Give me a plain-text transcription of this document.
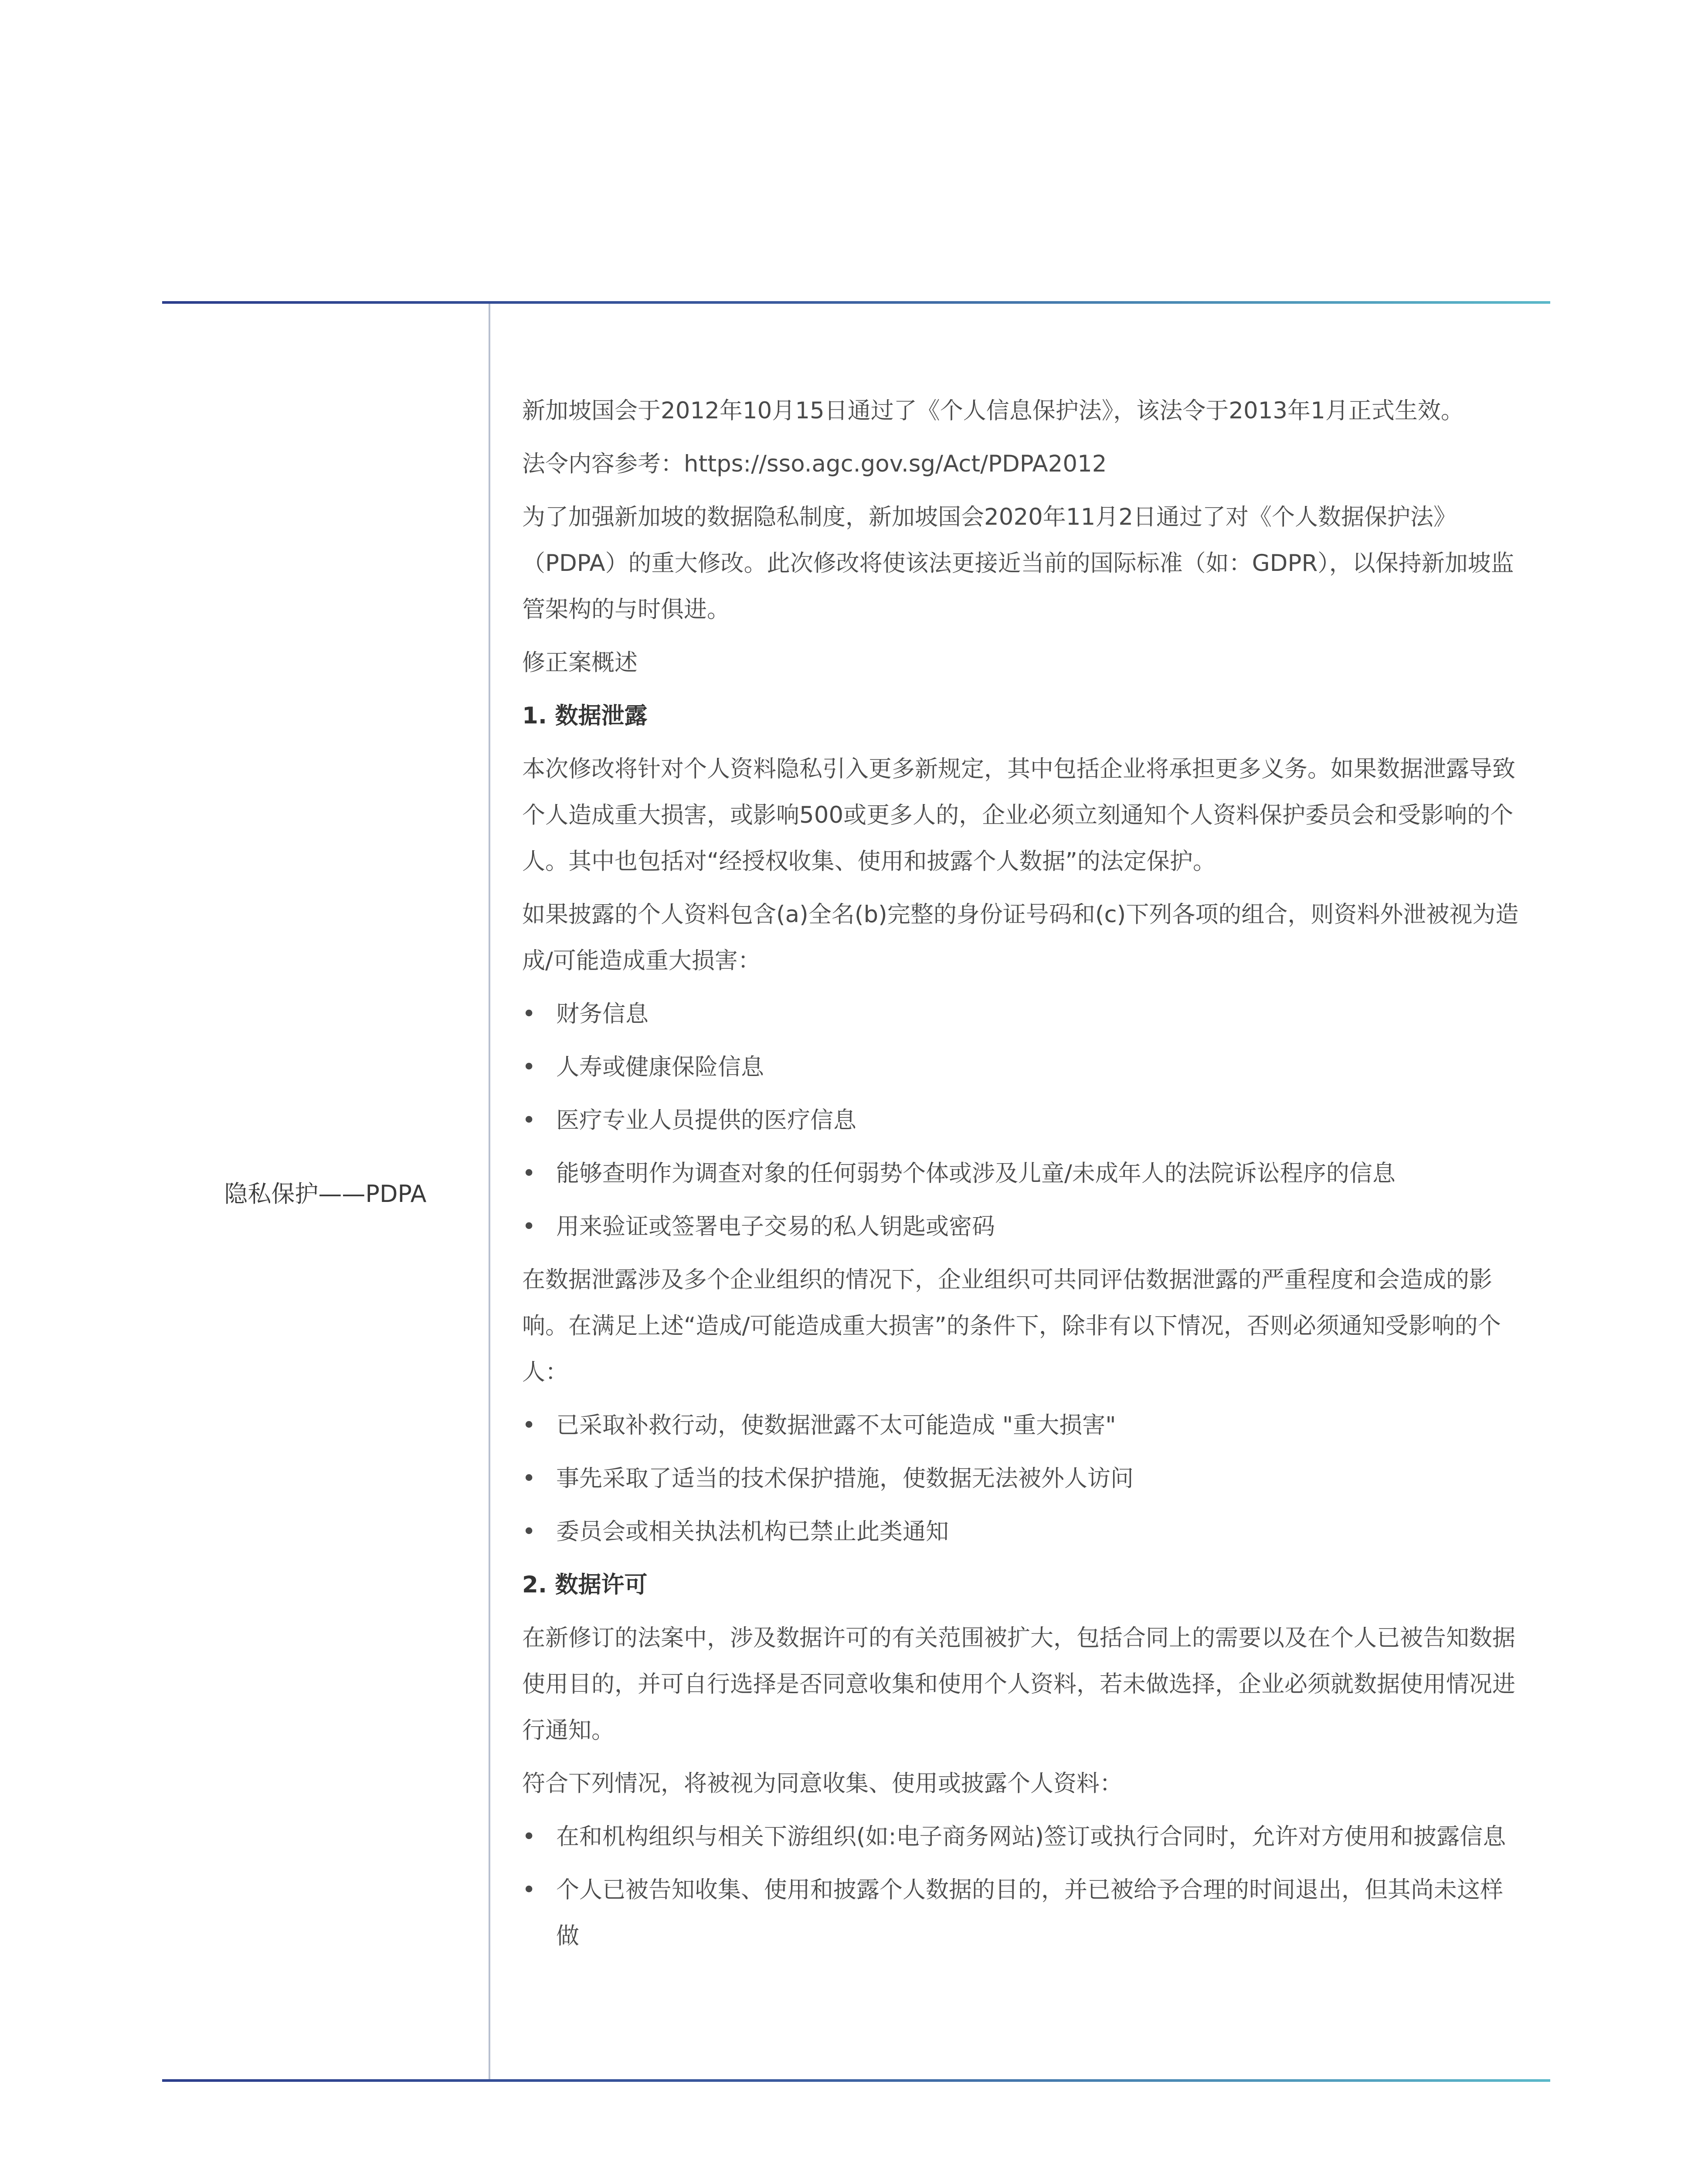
隐私保护——PDPA

新加坡国会于2012年10月15日通过了《个人信息保护法》，该法令于2013年1月正式生效。

法令内容参考：https://sso.agc.gov.sg/Act/PDPA2012

为了加强新加坡的数据隐私制度，新加坡国会2020年11月2日通过了对《个人数据保护法》（PDPA）的重大修改。此次修改将使该法更接近当前的国际标准（如：GDPR），以保持新加坡监管架构的与时俱进。

修正案概述

1. 数据泄露

本次修改将针对个人资料隐私引入更多新规定，其中包括企业将承担更多义务。如果数据泄露导致个人造成重大损害，或影响500或更多人的，企业必须立刻通知个人资料保护委员会和受影响的个人。其中也包括对“经授权收集、使用和披露个人数据”的法定保护。

如果披露的个人资料包含(a)全名(b)完整的身份证号码和(c)下列各项的组合，则资料外泄被视为造成/可能造成重大损害：

• 财务信息
• 人寿或健康保险信息
• 医疗专业人员提供的医疗信息
• 能够查明作为调查对象的任何弱势个体或涉及儿童/未成年人的法院诉讼程序的信息
• 用来验证或签署电子交易的私人钥匙或密码

在数据泄露涉及多个企业组织的情况下，企业组织可共同评估数据泄露的严重程度和会造成的影响。在满足上述“造成/可能造成重大损害”的条件下，除非有以下情况，否则必须通知受影响的个人：

• 已采取补救行动，使数据泄露不太可能造成 "重大损害"
• 事先采取了适当的技术保护措施，使数据无法被外人访问
• 委员会或相关执法机构已禁止此类通知

2. 数据许可

在新修订的法案中，涉及数据许可的有关范围被扩大，包括合同上的需要以及在个人已被告知数据使用目的，并可自行选择是否同意收集和使用个人资料，若未做选择，企业必须就数据使用情况进行通知。

符合下列情况，将被视为同意收集、使用或披露个人资料：

• 在和机构组织与相关下游组织(如:电子商务网站)签订或执行合同时，允许对方使用和披露信息
• 个人已被告知收集、使用和披露个人数据的目的，并已被给予合理的时间退出，但其尚未这样做
